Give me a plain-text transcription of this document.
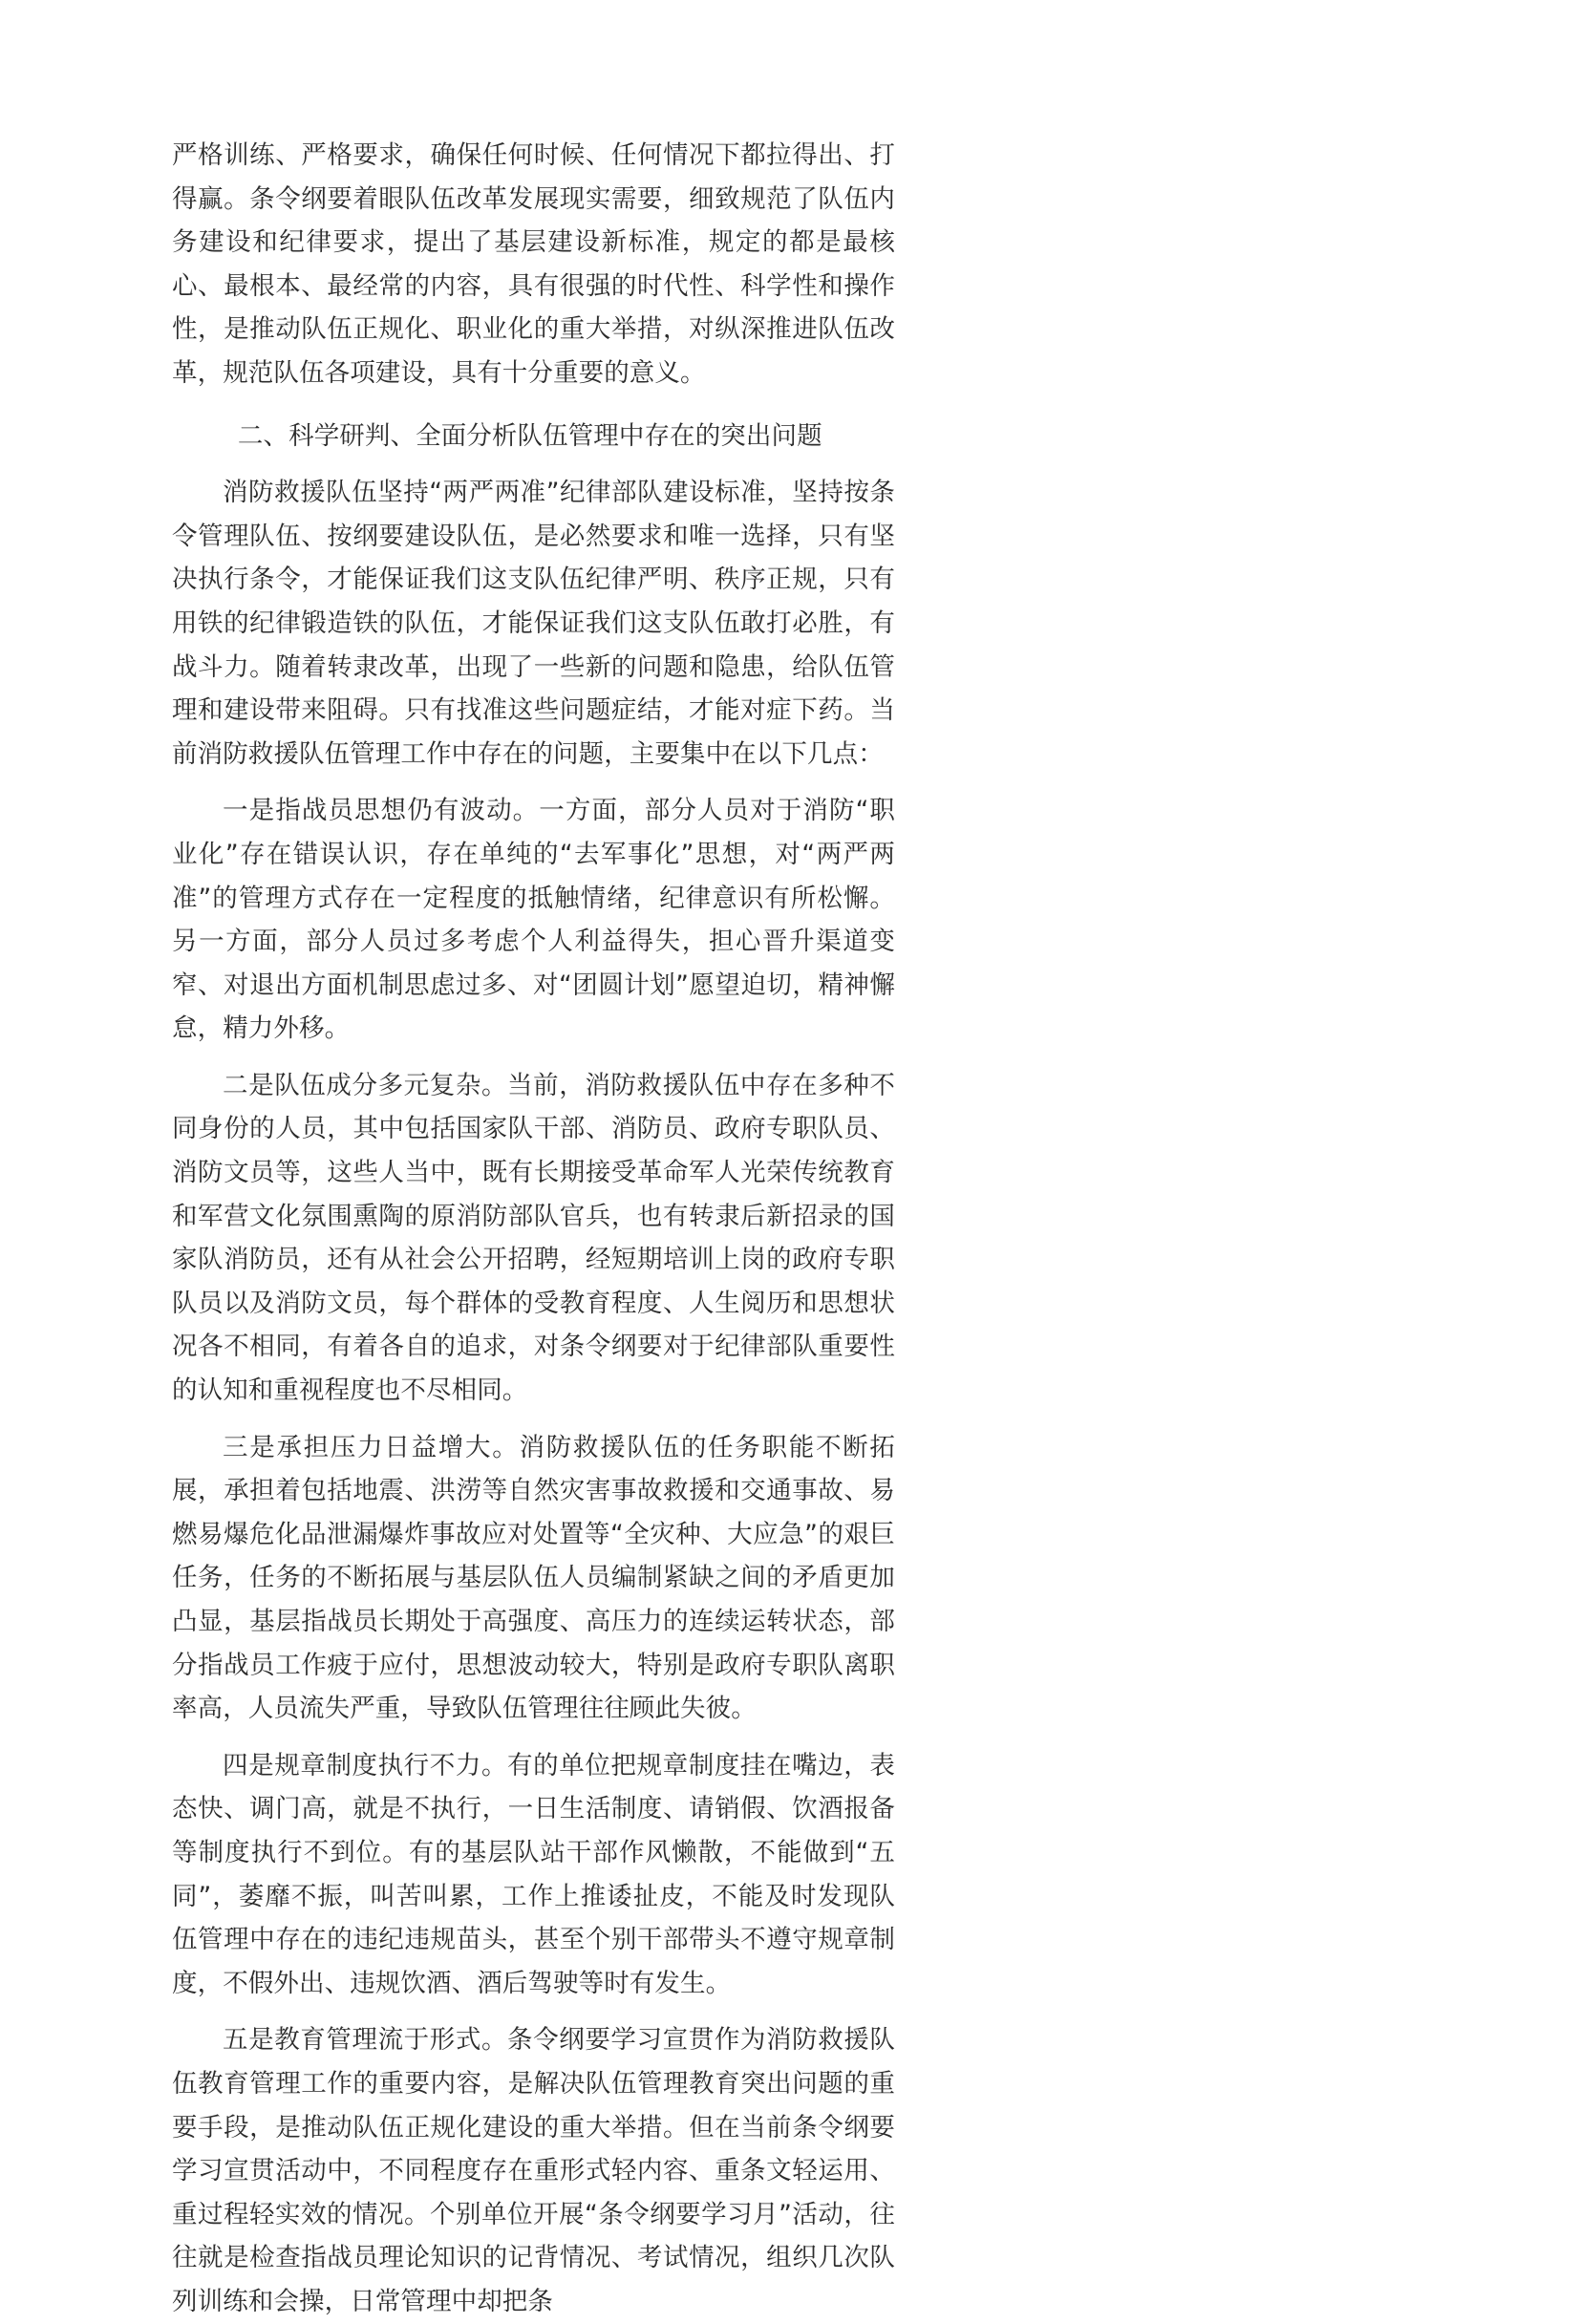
严格训练、严格要求，确保任何时候、任何情况下都拉得出、打得赢。条令纲要着眼队伍改革发展现实需要，细致规范了队伍内务建设和纪律要求，提出了基层建设新标准，规定的都是最核心、最根本、最经常的内容，具有很强的时代性、科学性和操作性，是推动队伍正规化、职业化的重大举措，对纵深推进队伍改革，规范队伍各项建设，具有十分重要的意义。

二、科学研判、全面分析队伍管理中存在的突出问题

消防救援队伍坚持“两严两准”纪律部队建设标准，坚持按条令管理队伍、按纲要建设队伍，是必然要求和唯一选择，只有坚决执行条令，才能保证我们这支队伍纪律严明、秩序正规，只有用铁的纪律锻造铁的队伍，才能保证我们这支队伍敢打必胜，有战斗力。随着转隶改革，出现了一些新的问题和隐患，给队伍管理和建设带来阻碍。只有找准这些问题症结，才能对症下药。当前消防救援队伍管理工作中存在的问题，主要集中在以下几点：

一是指战员思想仍有波动。一方面，部分人员对于消防“职业化”存在错误认识，存在单纯的“去军事化”思想，对“两严两准”的管理方式存在一定程度的抵触情绪，纪律意识有所松懈。另一方面，部分人员过多考虑个人利益得失，担心晋升渠道变窄、对退出方面机制思虑过多、对“团圆计划”愿望迫切，精神懈怠，精力外移。

二是队伍成分多元复杂。当前，消防救援队伍中存在多种不同身份的人员，其中包括国家队干部、消防员、政府专职队员、消防文员等，这些人当中，既有长期接受革命军人光荣传统教育和军营文化氛围熏陶的原消防部队官兵，也有转隶后新招录的国家队消防员，还有从社会公开招聘，经短期培训上岗的政府专职队员以及消防文员，每个群体的受教育程度、人生阅历和思想状况各不相同，有着各自的追求，对条令纲要对于纪律部队重要性的认知和重视程度也不尽相同。

三是承担压力日益增大。消防救援队伍的任务职能不断拓展，承担着包括地震、洪涝等自然灾害事故救援和交通事故、易燃易爆危化品泄漏爆炸事故应对处置等“全灾种、大应急”的艰巨任务，任务的不断拓展与基层队伍人员编制紧缺之间的矛盾更加凸显，基层指战员长期处于高强度、高压力的连续运转状态，部分指战员工作疲于应付，思想波动较大，特别是政府专职队离职率高，人员流失严重，导致队伍管理往往顾此失彼。

四是规章制度执行不力。有的单位把规章制度挂在嘴边，表态快、调门高，就是不执行，一日生活制度、请销假、饮酒报备等制度执行不到位。有的基层队站干部作风懒散，不能做到“五同”，萎靡不振，叫苦叫累，工作上推诿扯皮，不能及时发现队伍管理中存在的违纪违规苗头，甚至个别干部带头不遵守规章制度，不假外出、违规饮酒、酒后驾驶等时有发生。

五是教育管理流于形式。条令纲要学习宣贯作为消防救援队伍教育管理工作的重要内容，是解决队伍管理教育突出问题的重要手段，是推动队伍正规化建设的重大举措。但在当前条令纲要学习宣贯活动中，不同程度存在重形式轻内容、重条文轻运用、重过程轻实效的情况。个别单位开展“条令纲要学习月”活动，往往就是检查指战员理论知识的记背情况、考试情况，组织几次队列训练和会操，日常管理中却把条
